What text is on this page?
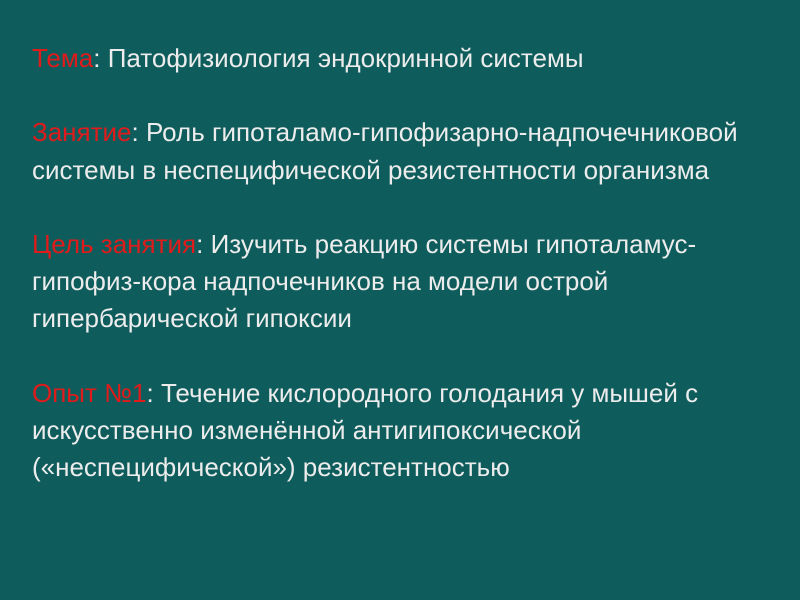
Тема: Патофизиология эндокринной системы
Занятие: Роль гипоталамо-гипофизарно-надпочечниковой системы в неспецифической резистентности организма
Цель занятия: Изучить реакцию системы гипоталамус-гипофиз-кора надпочечников на модели острой гипербарической гипоксии
Опыт №1: Течение кислородного голодания у мышей с искусственно изменённой антигипоксической («неспецифической») резистентностью
